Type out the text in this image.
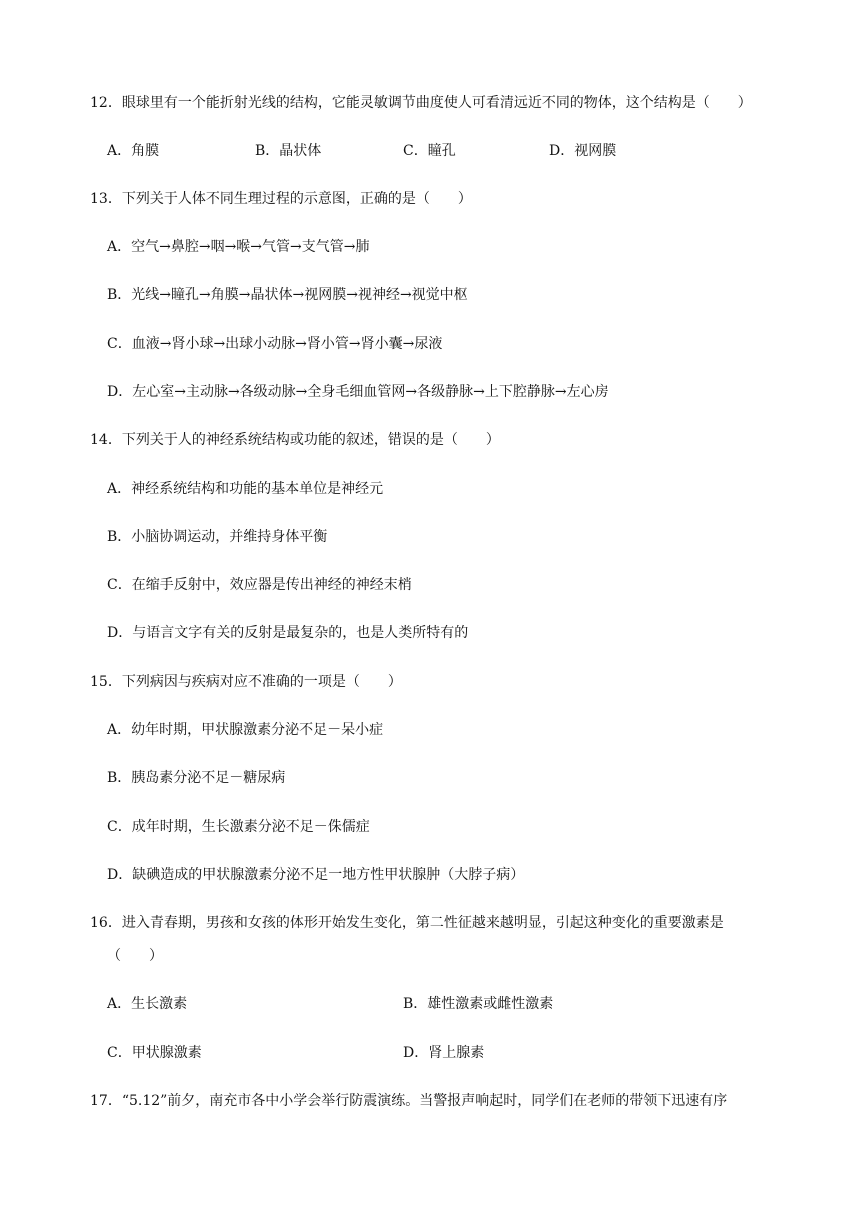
12．眼球里有一个能折射光线的结构，它能灵敏调节曲度使人可看清远近不同的物体，这个结构是（　　）
A．角膜	B．晶状体	C．瞳孔	D．视网膜
13．下列关于人体不同生理过程的示意图，正确的是（　　）
A．空气→鼻腔→咽→喉→气管→支气管→肺
B．光线→瞳孔→角膜→晶状体→视网膜→视神经→视觉中枢
C．血液→肾小球→出球小动脉→肾小管→肾小囊→尿液
D．左心室→主动脉→各级动脉→全身毛细血管网→各级静脉→上下腔静脉→左心房
14．下列关于人的神经系统结构或功能的叙述，错误的是（　　）
A．神经系统结构和功能的基本单位是神经元
B．小脑协调运动，并维持身体平衡
C．在缩手反射中，效应器是传出神经的神经末梢
D．与语言文字有关的反射是最复杂的，也是人类所特有的
15．下列病因与疾病对应不准确的一项是（　　）
A．幼年时期，甲状腺激素分泌不足－呆小症
B．胰岛素分泌不足－糖尿病
C．成年时期，生长激素分泌不足－侏儒症
D．缺碘造成的甲状腺激素分泌不足一地方性甲状腺肿（大脖子病）
16．进入青春期，男孩和女孩的体形开始发生变化，第二性征越来越明显，引起这种变化的重要激素是
（　　）
A．生长激素	B．雄性激素或雌性激素
C．甲状腺激素	D．肾上腺素
17．“5.12”前夕，南充市各中小学会举行防震演练。当警报声响起时，同学们在老师的带领下迅速有序
